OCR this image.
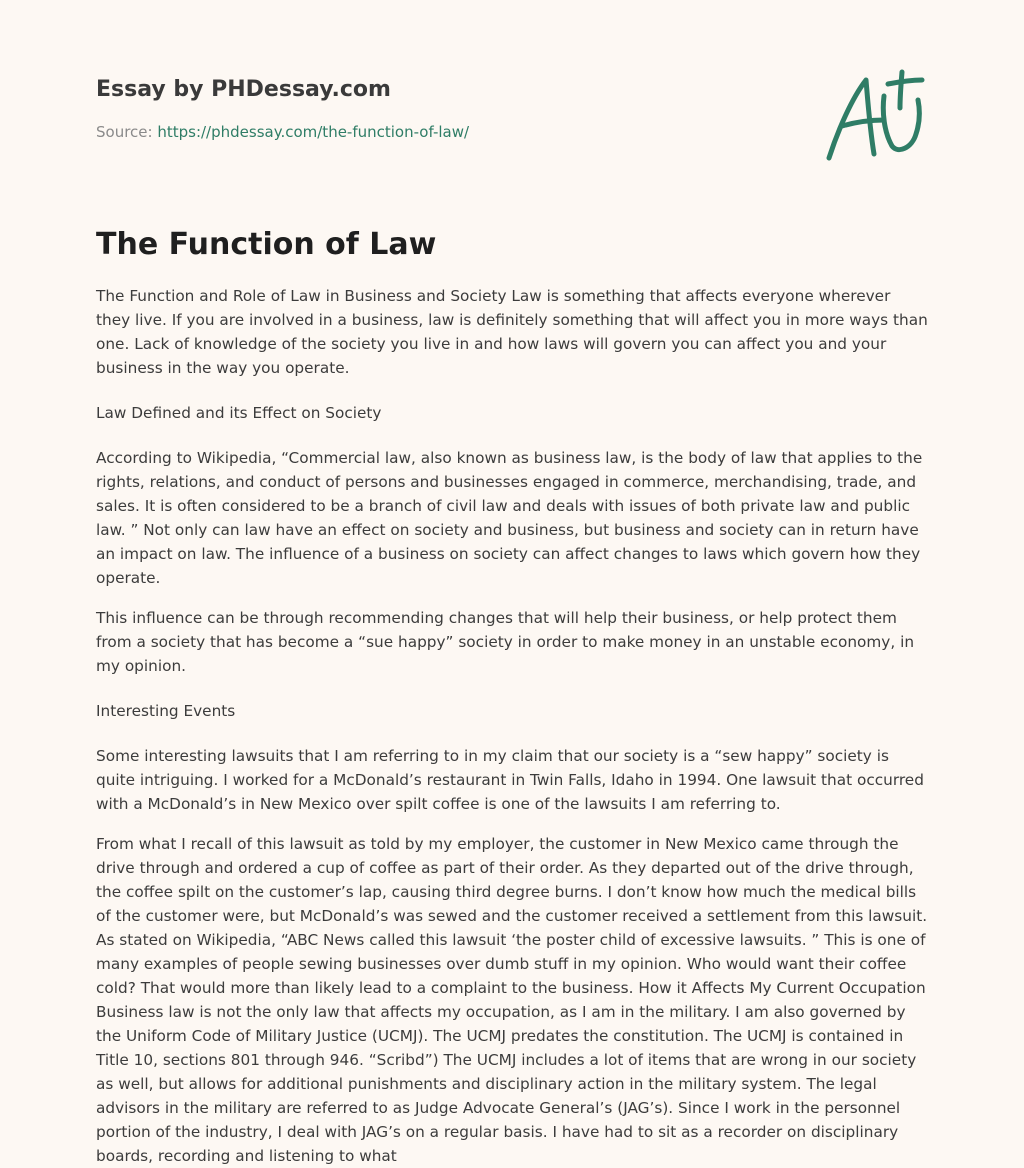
Essay by PHDessay.com
Source: https://phdessay.com/the-function-of-law/
The Function of Law

The Function and Role of Law in Business and Society Law is something that affects everyone wherever they live. If you are involved in a business, law is definitely something that will affect you in more ways than one. Lack of knowledge of the society you live in and how laws will govern you can affect you and your business in the way you operate.

Law Defined and its Effect on Society

According to Wikipedia, “Commercial law, also known as business law, is the body of law that applies to the rights, relations, and conduct of persons and businesses engaged in commerce, merchandising, trade, and sales. It is often considered to be a branch of civil law and deals with issues of both private law and public law. ” Not only can law have an effect on society and business, but business and society can in return have an impact on law. The influence of a business on society can affect changes to laws which govern how they operate.

This influence can be through recommending changes that will help their business, or help protect them from a society that has become a “sue happy” society in order to make money in an unstable economy, in my opinion.

Interesting Events

Some interesting lawsuits that I am referring to in my claim that our society is a “sew happy” society is quite intriguing. I worked for a McDonald’s restaurant in Twin Falls, Idaho in 1994. One lawsuit that occurred with a McDonald’s in New Mexico over spilt coffee is one of the lawsuits I am referring to.

From what I recall of this lawsuit as told by my employer, the customer in New Mexico came through the drive through and ordered a cup of coffee as part of their order. As they departed out of the drive through, the coffee spilt on the customer’s lap, causing third degree burns. I don’t know how much the medical bills of the customer were, but McDonald’s was sewed and the customer received a settlement from this lawsuit. As stated on Wikipedia, “ABC News called this lawsuit ‘the poster child of excessive lawsuits. ” This is one of many examples of people sewing businesses over dumb stuff in my opinion. Who would want their coffee cold? That would more than likely lead to a complaint to the business. How it Affects My Current Occupation Business law is not the only law that affects my occupation, as I am in the military. I am also governed by the Uniform Code of Military Justice (UCMJ). The UCMJ predates the constitution. The UCMJ is contained in Title 10, sections 801 through 946. “Scribd”) The UCMJ includes a lot of items that are wrong in our society as well, but allows for additional punishments and disciplinary action in the military system. The legal advisors in the military are referred to as Judge Advocate General’s (JAG’s). Since I work in the personnel portion of the industry, I deal with JAG’s on a regular basis. I have had to sit as a recorder on disciplinary boards, recording and listening to what
